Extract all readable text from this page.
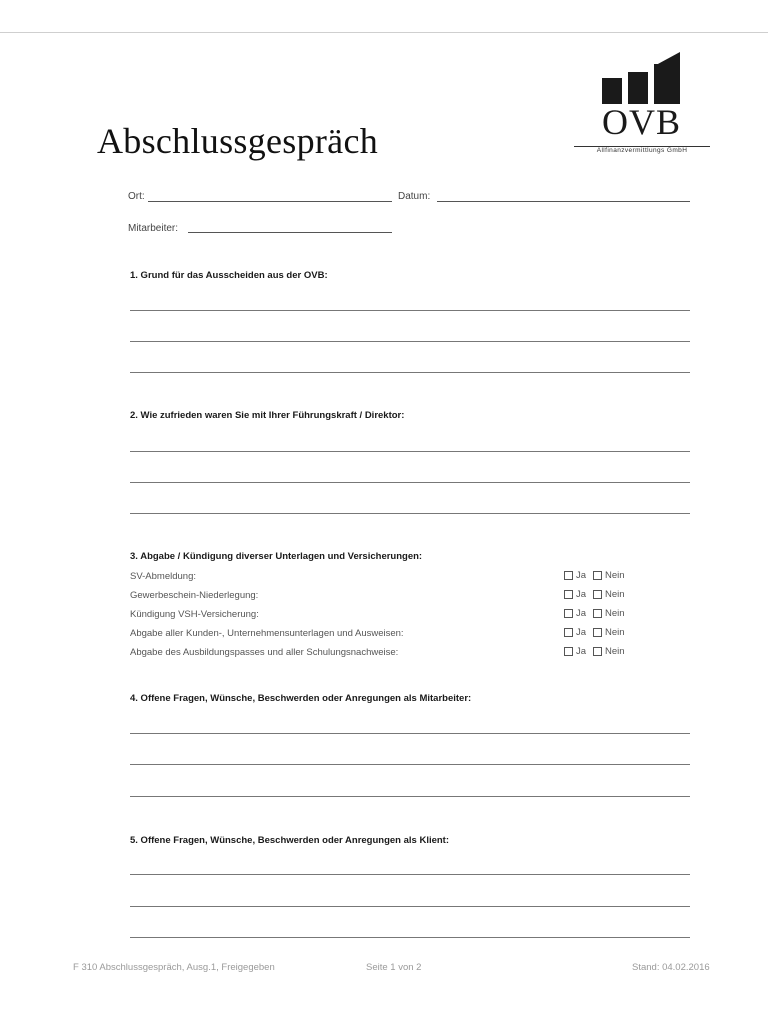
Abschlussgespräch	OVB
Allfinanzvermittlungs GmbH
Ort:	Datum:
Mitarbeiter:
1. Grund für das Ausscheiden aus der OVB:
2. Wie zufrieden waren Sie mit Ihrer Führungskraft / Direktor:
3. Abgabe / Kündigung diverser Unterlagen und Versicherungen:
SV-Abmeldung:	Ja Nein
Gewerbeschein-Niederlegung:	Ja Nein
Kündigung VSH-Versicherung:	Ja Nein
Abgabe aller Kunden-, Unternehmensunterlagen und Ausweisen:	Ja Nein
Abgabe des Ausbildungspasses und aller Schulungsnachweise:	Ja Nein
4. Offene Fragen, Wünsche, Beschwerden oder Anregungen als Mitarbeiter:
5. Offene Fragen, Wünsche, Beschwerden oder Anregungen als Klient:
F 310 Abschlussgespräch, Ausg.1, Freigegeben	Seite 1 von 2	Stand: 04.02.2016
